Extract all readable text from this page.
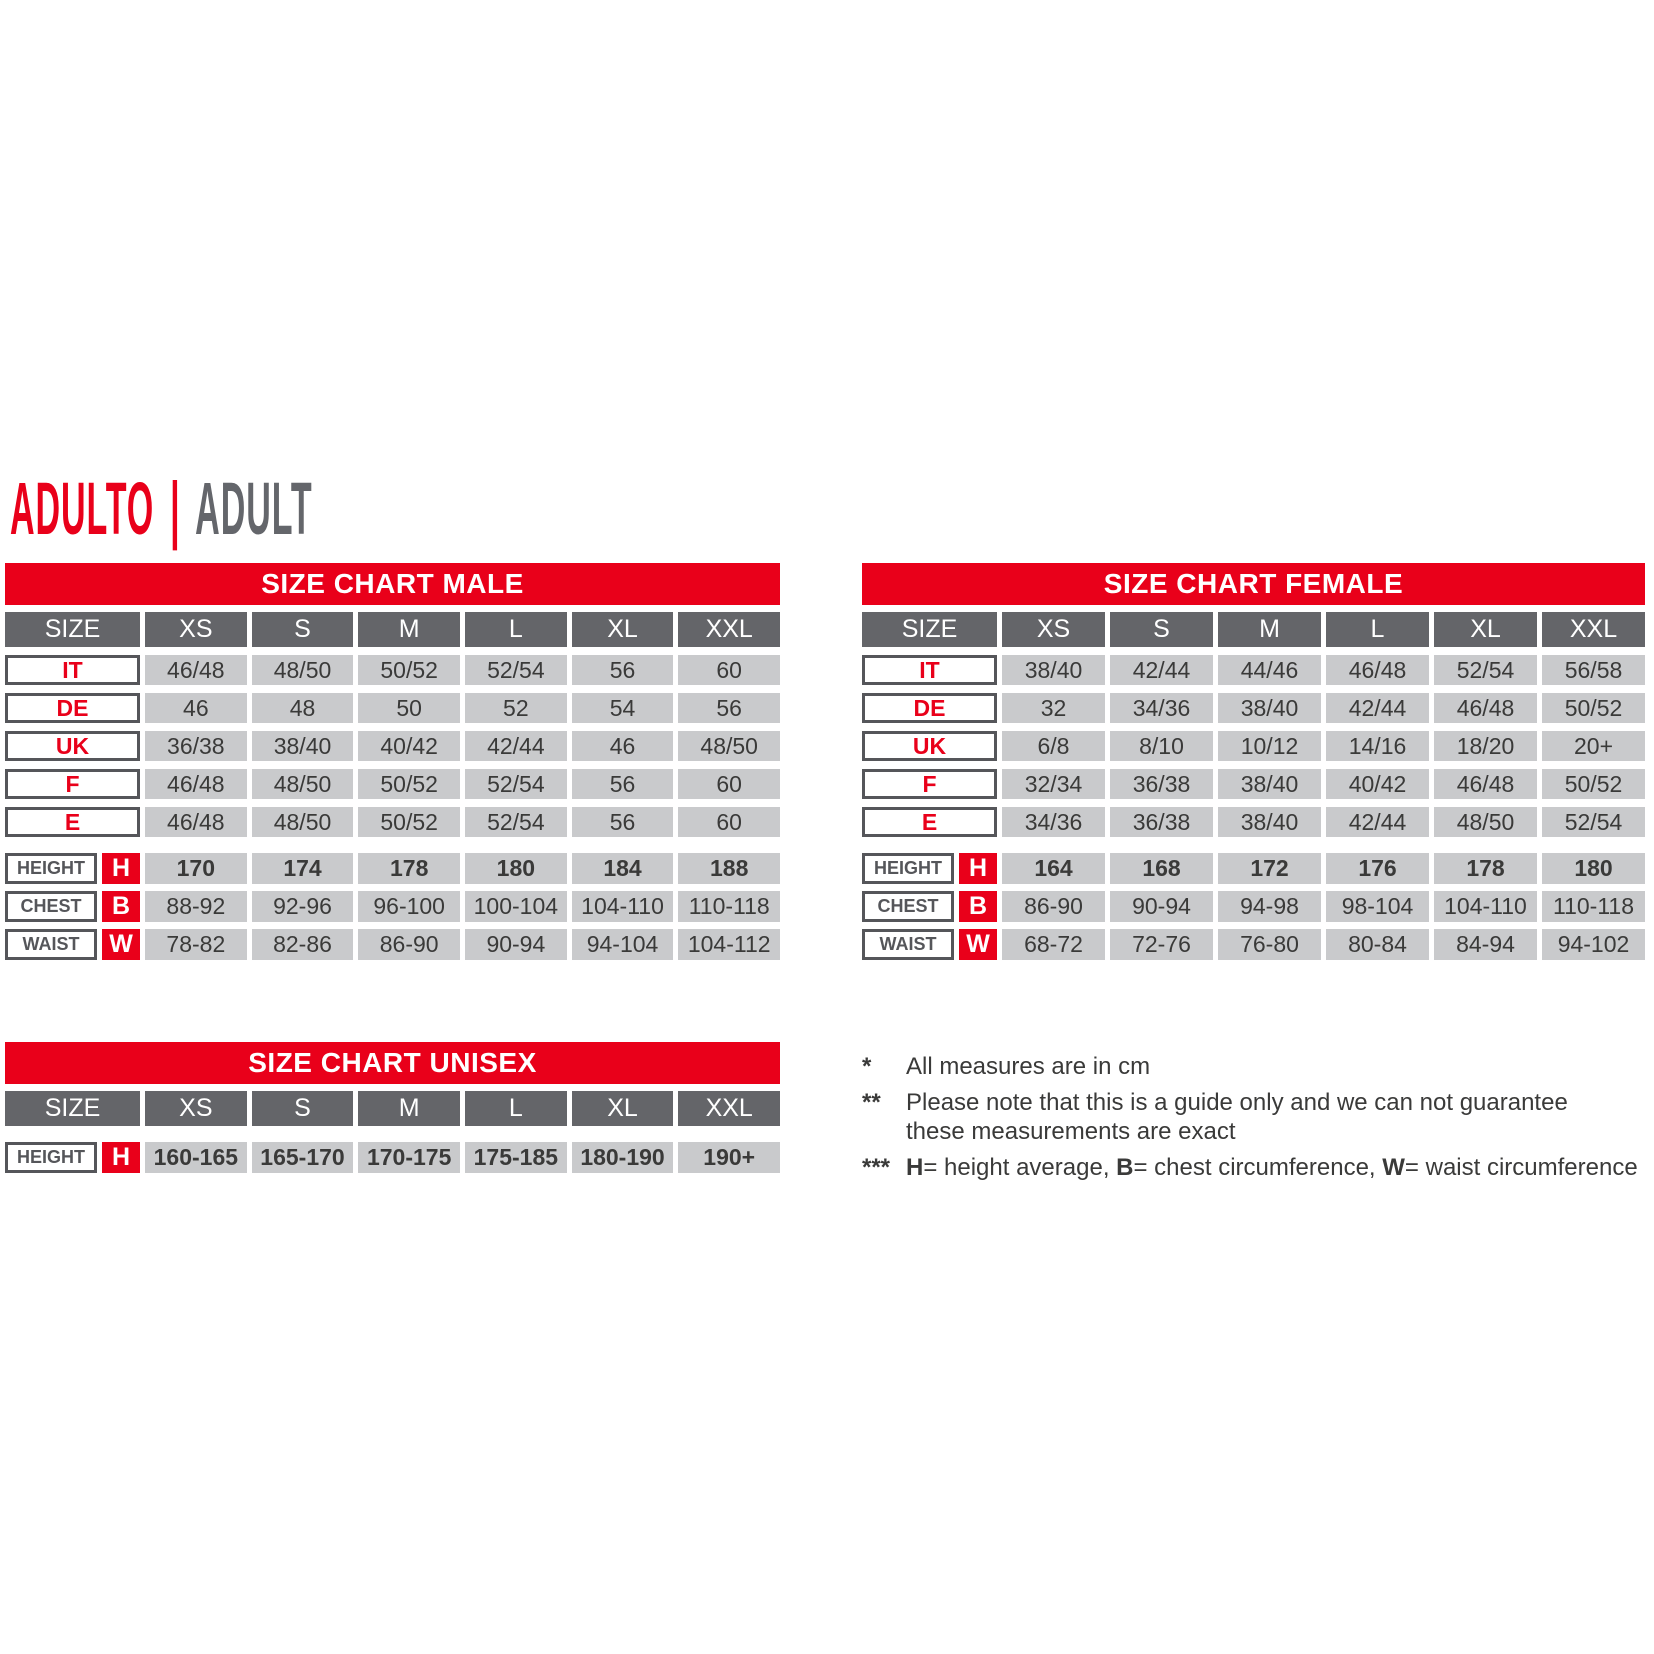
ADULTO | ADULT
SIZE CHART MALE
SIZE	XS	S	M	L	XL	XXL
IT	46/48	48/50	50/52	52/54	56	60
DE	46	48	50	52	54	56
UK	36/38	38/40	40/42	42/44	46	48/50
F	46/48	48/50	50/52	52/54	56	60
E	46/48	48/50	50/52	52/54	56	60
HEIGHT	H	170	174	178	180	184	188
CHEST	B	88-92	92-96	96-100	100-104	104-110	110-118
WAIST	W	78-82	82-86	86-90	90-94	94-104	104-112
SIZE CHART FEMALE
SIZE	XS	S	M	L	XL	XXL
IT	38/40	42/44	44/46	46/48	52/54	56/58
DE	32	34/36	38/40	42/44	46/48	50/52
UK	6/8	8/10	10/12	14/16	18/20	20+
F	32/34	36/38	38/40	40/42	46/48	50/52
E	34/36	36/38	38/40	42/44	48/50	52/54
HEIGHT	H	164	168	172	176	178	180
CHEST	B	86-90	90-94	94-98	98-104	104-110	110-118
WAIST	W	68-72	72-76	76-80	80-84	84-94	94-102
SIZE CHART UNISEX
SIZE	XS	S	M	L	XL	XXL
HEIGHT	H	160-165 165-170 170-175 175-185 180-190	190+
*	All measures are in cm
**	Please note that this is a guide only and we can not guarantee
these measurements are exact
*** H= height average, B= chest circumference, W= waist circumference
